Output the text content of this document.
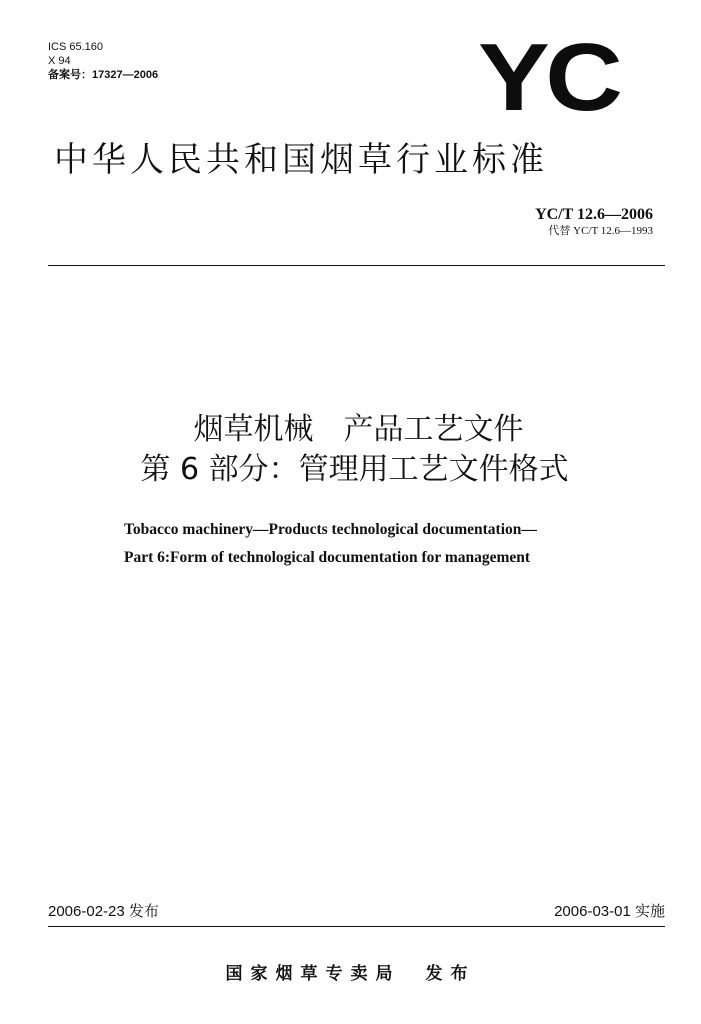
ICS 65.160
X 94
备案号：17327—2006	YC
中华人民共和国烟草行业标准
YC/T 12.6—2006
代替 YC/T 12.6—1993
烟草机械　产品工艺文件
第 6 部分：管理用工艺文件格式
Tobacco machinery—Products technological documentation—
Part 6:Form of technological documentation for management
2006-02-23 发布	2006-03-01 实施
国家烟草专卖局　发布
